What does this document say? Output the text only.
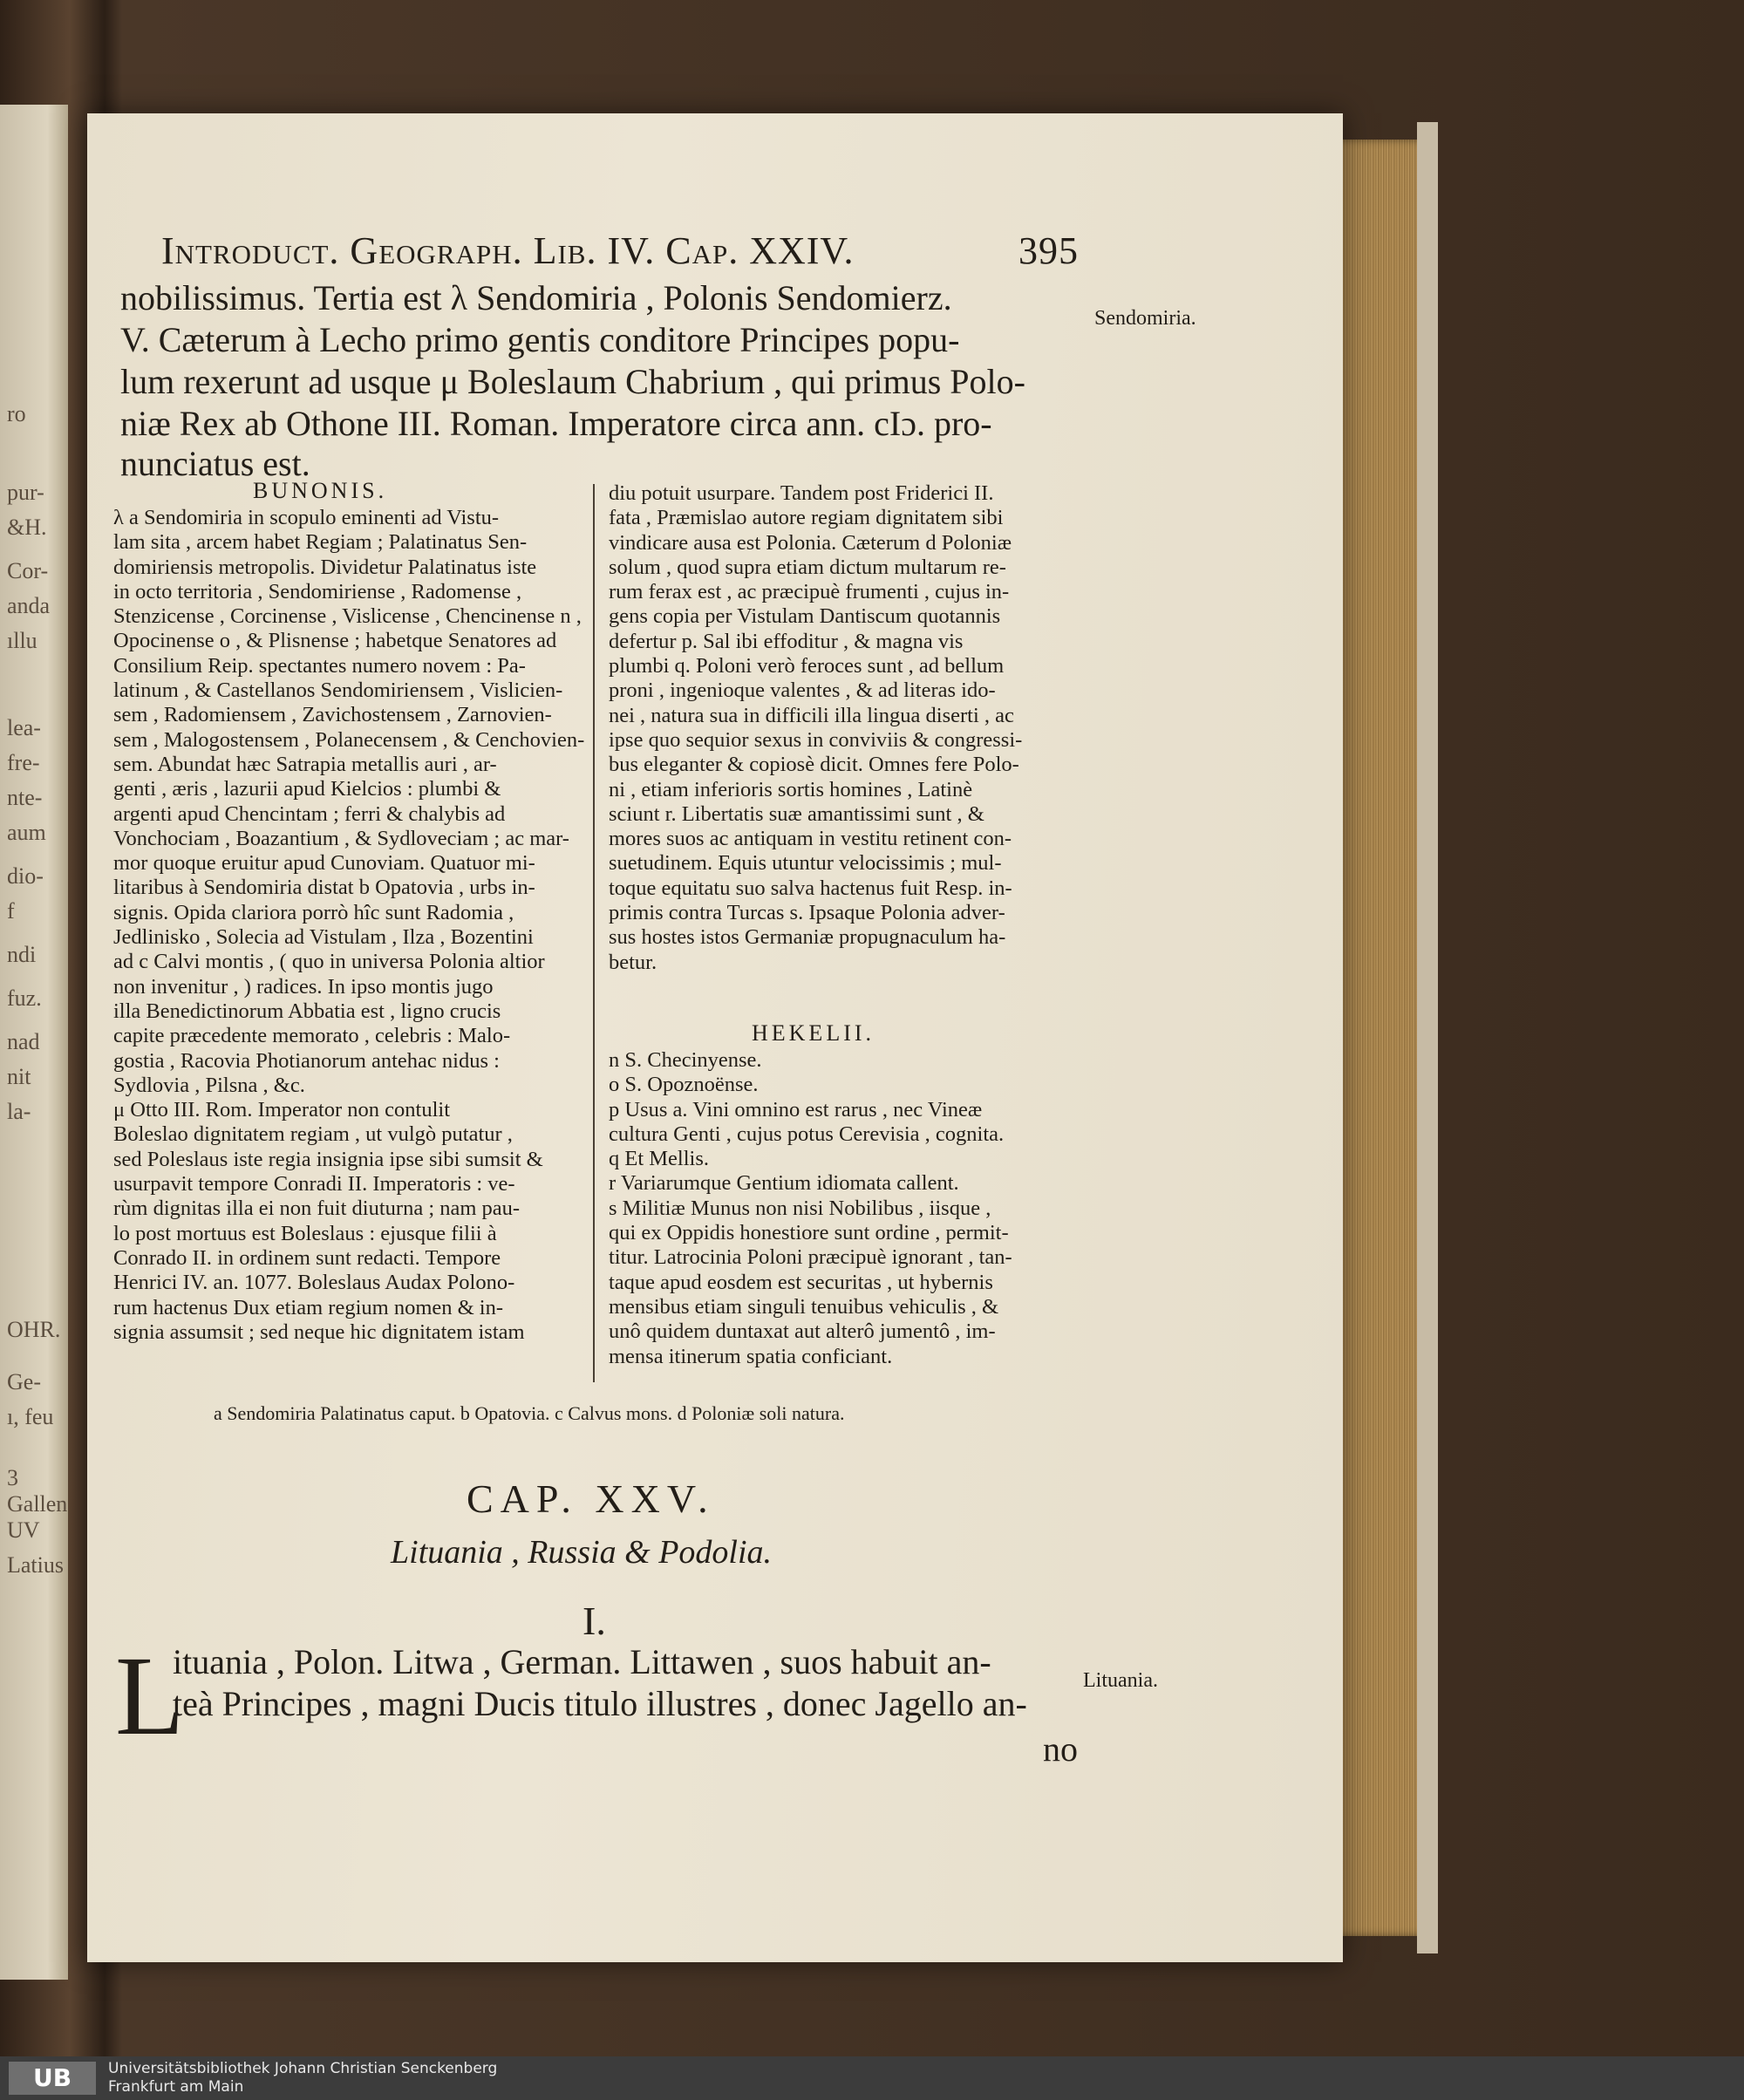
ro
pur-
&H.
Cor-
anda
ıllu
lea-
fre-
nte-
aum
dio-
f
ndi
fuz.
nad
nit
la-
OHR.
Ge-
ı, feu
3
Gallen
UV
Latius
Introduct. Geograph. Lib. IV. Cap. XXIV.	395
nobilissimus. Tertia est λ Sendomiria , Polonis Sendomierz.
V. Cæterum à Lecho primo gentis conditore Principes popu-
lum rexerunt ad usque μ Boleslaum Chabrium , qui primus Polo-
niæ Rex ab Othone III. Roman. Imperatore circa ann. cIɔ. pro-
nunciatus est.
Sendomiria.
BUNONIS.
λ a Sendomiria in scopulo eminenti ad Vistu-
lam sita , arcem habet Regiam ; Palatinatus Sen-
domiriensis metropolis. Dividetur Palatinatus iste
in octo territoria , Sendomiriense , Radomense ,
Stenzicense , Corcinense , Vislicense , Chencinense n ,
Opocinense o , & Plisnense ; habetque Senatores ad
Consilium Reip. spectantes numero novem : Pa-
latinum , & Castellanos Sendomiriensem , Vislicien-
sem , Radomiensem , Zavichostensem , Zarnovien-
sem , Malogostensem , Polanecensem , & Cenchovien-
sem. Abundat hæc Satrapia metallis auri , ar-
genti , æris , lazurii apud Kielcios : plumbi &
argenti apud Chencintam ; ferri & chalybis ad
Vonchociam , Boazantium , & Sydloveciam ; ac mar-
mor quoque eruitur apud Cunoviam. Quatuor mi-
litaribus à Sendomiria distat b Opatovia , urbs in-
signis. Opida clariora porrò hîc sunt Radomia ,
Jedlinisko , Solecia ad Vistulam , Ilza , Bozentini
ad c Calvi montis , ( quo in universa Polonia altior
non invenitur , ) radices. In ipso montis jugo
illa Benedictinorum Abbatia est , ligno crucis
capite præcedente memorato , celebris : Malo-
gostia , Racovia Photianorum antehac nidus :
Sydlovia , Pilsna , &c.
μ Otto III. Rom. Imperator non contulit
Boleslao dignitatem regiam , ut vulgò putatur ,
sed Poleslaus iste regia insignia ipse sibi sumsit &
usurpavit tempore Conradi II. Imperatoris : ve-
rùm dignitas illa ei non fuit diuturna ; nam pau-
lo post mortuus est Boleslaus : ejusque filii à
Conrado II. in ordinem sunt redacti. Tempore
Henrici IV. an. 1077. Boleslaus Audax Polono-
rum hactenus Dux etiam regium nomen & in-
signia assumsit ; sed neque hic dignitatem istam
diu potuit usurpare. Tandem post Friderici II.
fata , Præmislao autore regiam dignitatem sibi
vindicare ausa est Polonia. Cæterum d Poloniæ
solum , quod supra etiam dictum multarum re-
rum ferax est , ac præcipuè frumenti , cujus in-
gens copia per Vistulam Dantiscum quotannis
defertur p. Sal ibi effoditur , & magna vis
plumbi q. Poloni verò feroces sunt , ad bellum
proni , ingenioque valentes , & ad literas ido-
nei , natura sua in difficili illa lingua diserti , ac
ipse quo sequior sexus in conviviis & congressi-
bus eleganter & copiosè dicit. Omnes fere Polo-
ni , etiam inferioris sortis homines , Latinè
sciunt r. Libertatis suæ amantissimi sunt , &
mores suos ac antiquam in vestitu retinent con-
suetudinem. Equis utuntur velocissimis ; mul-
toque equitatu suo salva hactenus fuit Resp. in-
primis contra Turcas s. Ipsaque Polonia adver-
sus hostes istos Germaniæ propugnaculum ha-
betur.
HEKELII.
n S. Checinyense.
o S. Opoznoënse.
p Usus a. Vini omnino est rarus , nec Vineæ
cultura Genti , cujus potus Cerevisia , cognita.
q Et Mellis.
r Variarumque Gentium idiomata callent.
s Militiæ Munus non nisi Nobilibus , iisque ,
qui ex Oppidis honestiore sunt ordine , permit-
titur. Latrocinia Poloni præcipuè ignorant , tan-
taque apud eosdem est securitas , ut hybernis
mensibus etiam singuli tenuibus vehiculis , &
unô quidem duntaxat aut alterô jumentô , im-
mensa itinerum spatia conficiant.
a Sendomiria Palatinatus caput. b Opatovia. c Calvus mons. d Poloniæ soli natura.
CAP. XXV.
Lituania , Russia & Podolia.
I.
L
ituania , Polon. Litwa , German. Littawen , suos habuit an-
teà Principes , magni Ducis titulo illustres , donec Jagello an-
Lituania.
no
UB	Universitätsbibliothek Johann Christian Senckenberg
Frankfurt am Main
